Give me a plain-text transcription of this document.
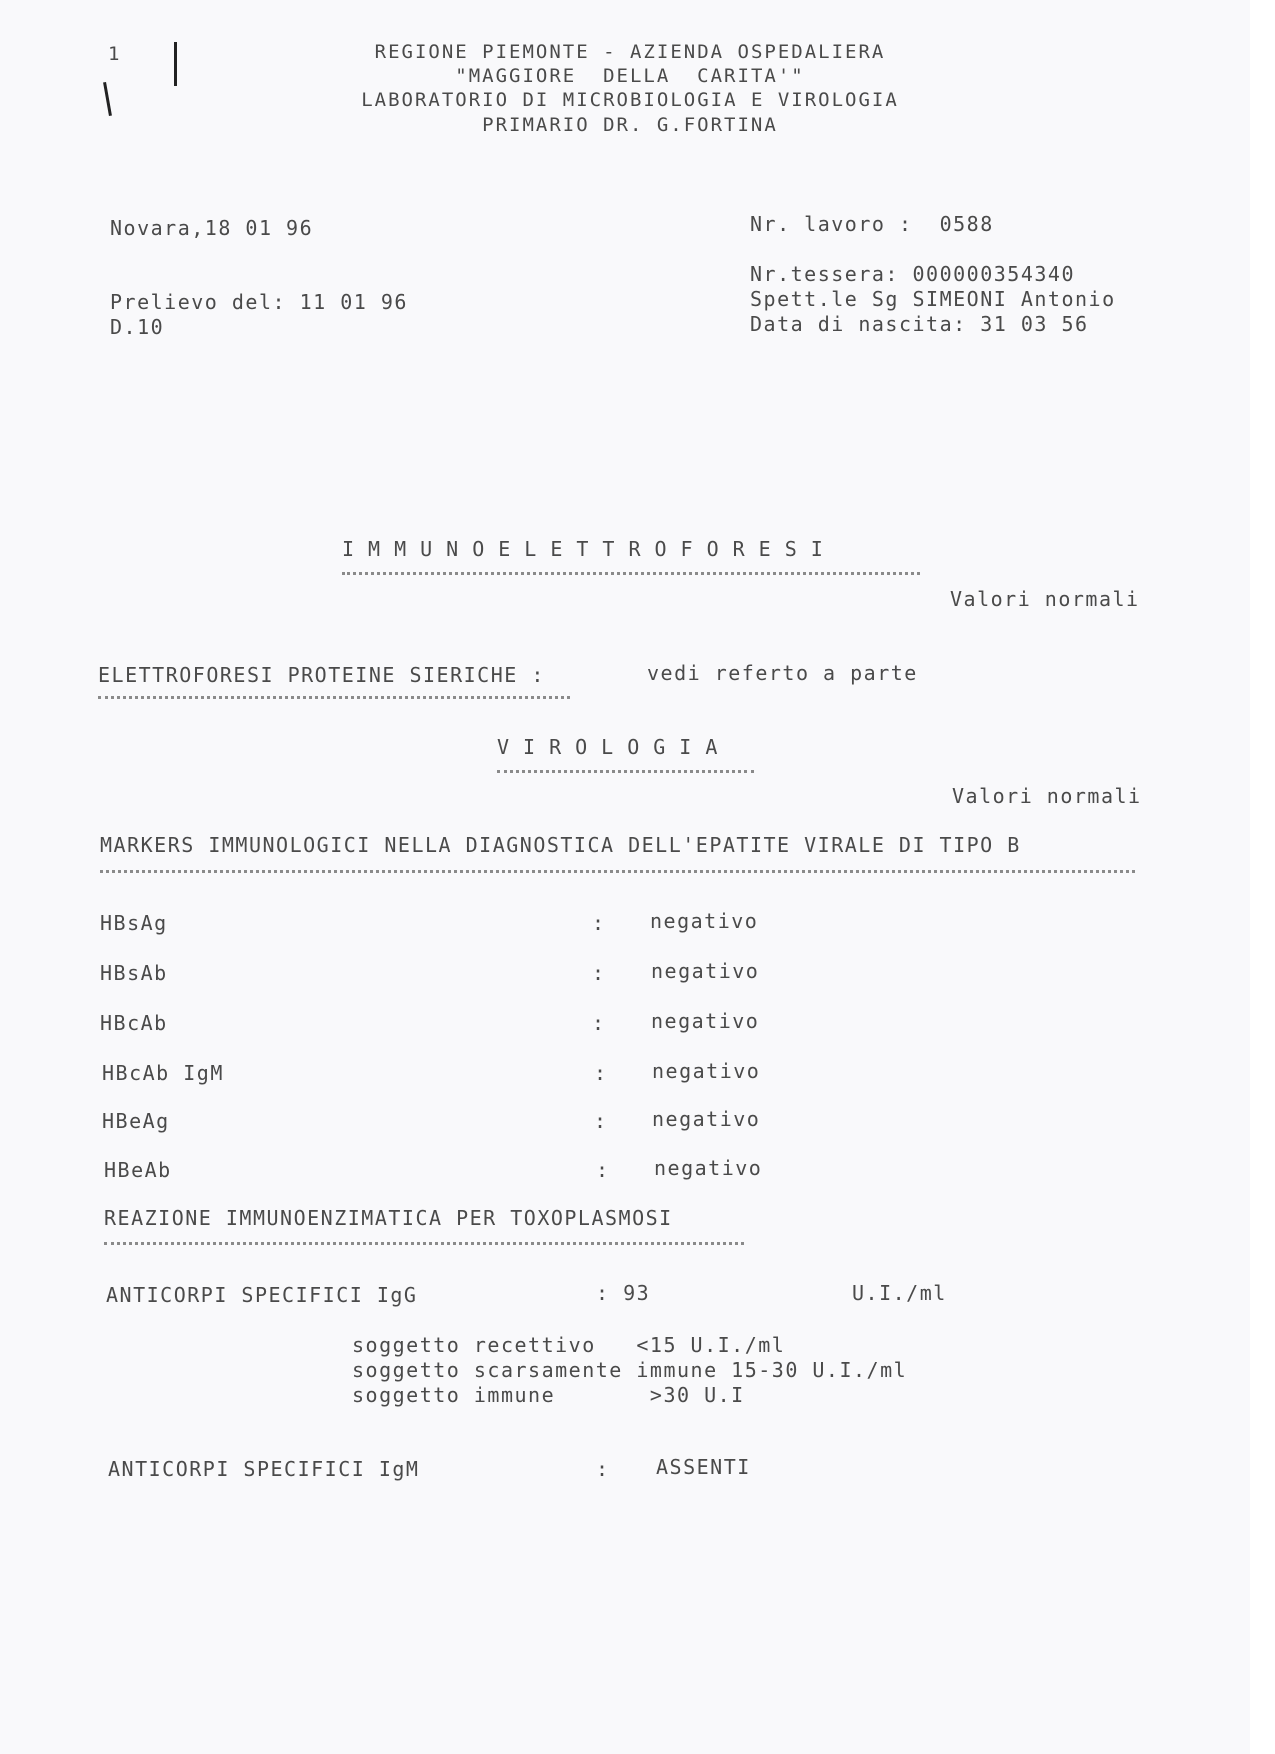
1	REGIONE PIEMONTE - AZIENDA OSPEDALIERA
"MAGGIORE  DELLA  CARITA'"
LABORATORIO DI MICROBIOLOGIA E VIROLOGIA
PRIMARIO DR. G.FORTINA
Novara,18 01 96	Nr. lavoro :  0588
Nr.tessera: 000000354340
Prelievo del: 11 01 96	Spett.le Sg SIMEONI Antonio
D.10	Data di nascita: 31 03 56
IMMUNOELETTROFORESI
Valori normali
ELETTROFORESI PROTEINE SIERICHE :	vedi referto a parte
VIROLOGIA
Valori normali
MARKERS IMMUNOLOGICI NELLA DIAGNOSTICA DELL'EPATITE VIRALE DI TIPO B
HBsAg	: negativo
HBsAb	: negativo
HBcAb	: negativo
HBcAb IgM	: negativo
HBeAg	: negativo
HBeAb	: negativo
REAZIONE IMMUNOENZIMATICA PER TOXOPLASMOSI
ANTICORPI SPECIFICI IgG	: 93	U.I./ml
soggetto recettivo   <15 U.I./ml
soggetto scarsamente immune 15-30 U.I./ml
soggetto immune       >30 U.I
ANTICORPI SPECIFICI IgM	: ASSENTI
